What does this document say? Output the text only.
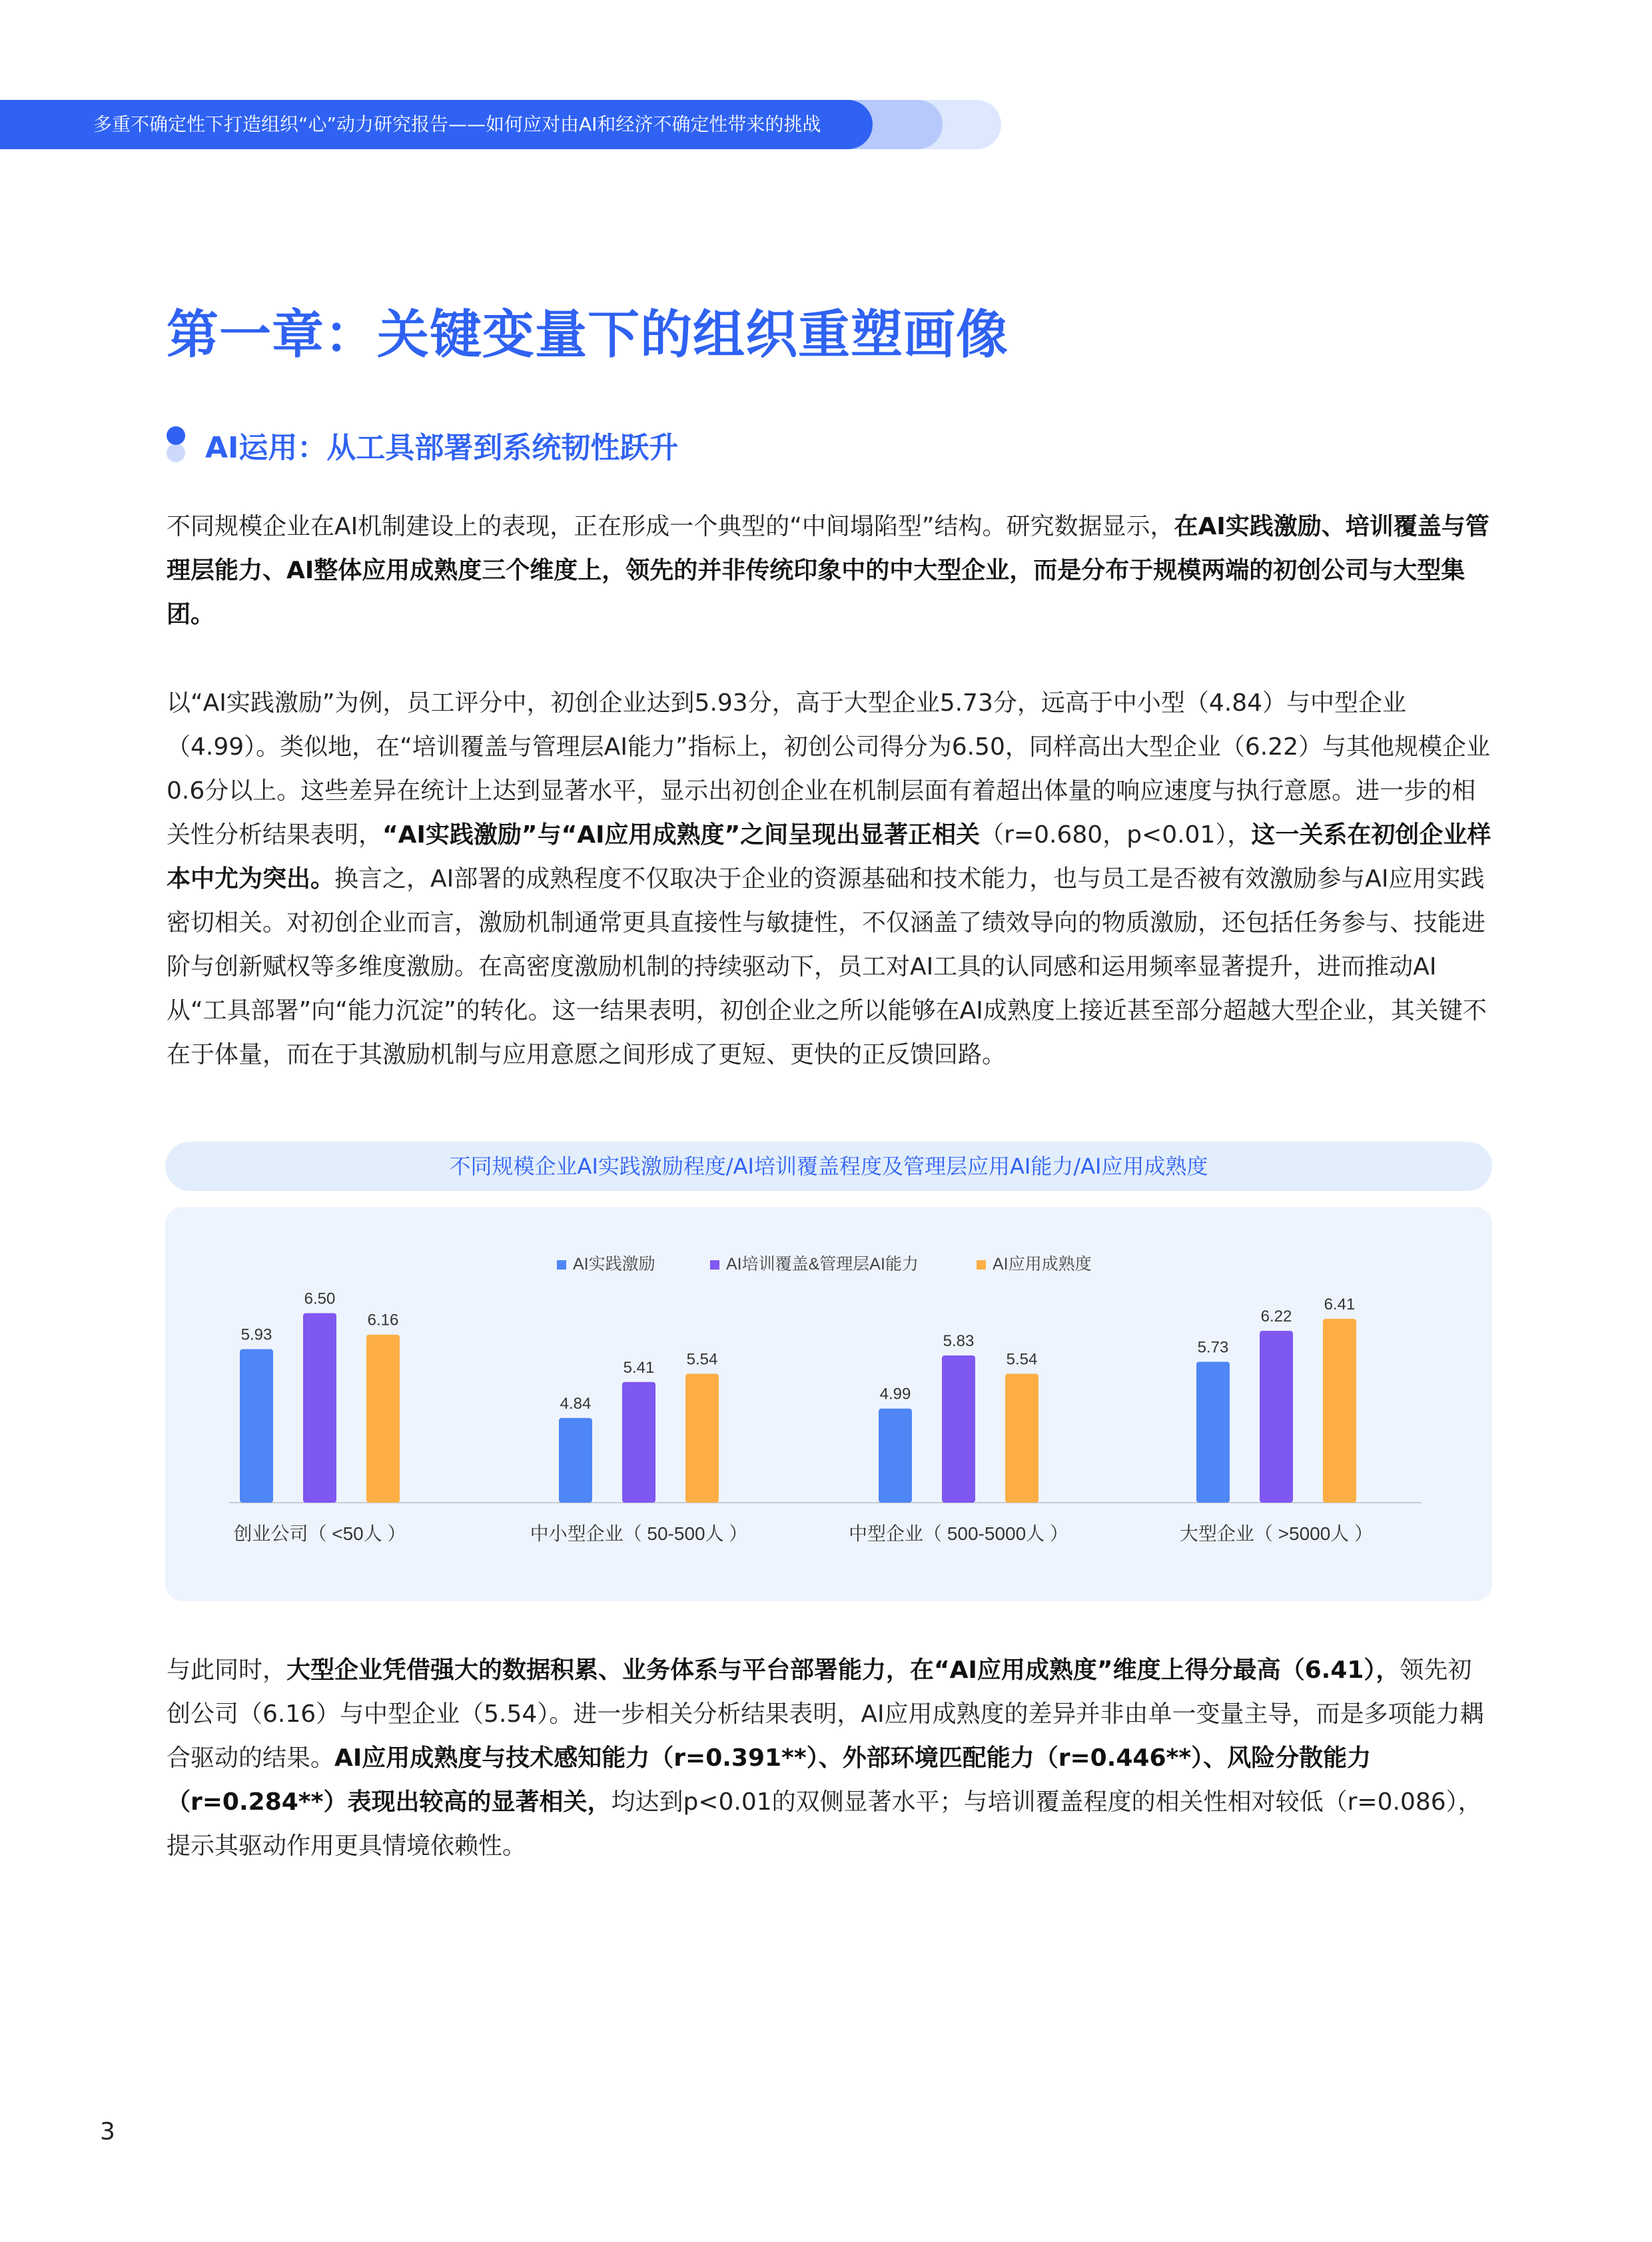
多重不确定性下打造组织“心”动力研究报告——如何应对由AI和经济不确定性带来的挑战
第一章：关键变量下的组织重塑画像
AI运用：从工具部署到系统韧性跃升
不同规模企业在AI机制建设上的表现，正在形成一个典型的“中间塌陷型”结构。研究数据显示，在AI实践激励、培训覆盖与管理层能力、AI整体应用成熟度三个维度上，领先的并非传统印象中的中大型企业，而是分布于规模两端的初创公司与大型集团。
以“AI实践激励”为例，员工评分中，初创企业达到5.93分，高于大型企业5.73分，远高于中小型（4.84）与中型企业（4.99）。类似地，在“培训覆盖与管理层AI能力”指标上，初创公司得分为6.50，同样高出大型企业（6.22）与其他规模企业0.6分以上。这些差异在统计上达到显著水平，显示出初创企业在机制层面有着超出体量的响应速度与执行意愿。进一步的相关性分析结果表明，“AI实践激励”与“AI应用成熟度”之间呈现出显著正相关（r=0.680，p<0.01），这一关系在初创企业样本中尤为突出。换言之，AI部署的成熟程度不仅取决于企业的资源基础和技术能力，也与员工是否被有效激励参与AI应用实践密切相关。对初创企业而言，激励机制通常更具直接性与敏捷性，不仅涵盖了绩效导向的物质激励，还包括任务参与、技能进阶与创新赋权等多维度激励。在高密度激励机制的持续驱动下，员工对AI工具的认同感和运用频率显著提升，进而推动AI从“工具部署”向“能力沉淀”的转化。这一结果表明，初创企业之所以能够在AI成熟度上接近甚至部分超越大型企业，其关键不在于体量，而在于其激励机制与应用意愿之间形成了更短、更快的正反馈回路。
不同规模企业AI实践激励程度/AI培训覆盖程度及管理层应用AI能力/AI应用成熟度
AI实践激励	AI培训覆盖&管理层AI能力	AI应用成熟度
5.93
6.50
6.16
创业公司（ <50人 ）
4.84
5.41 5.54
中小型企业（ 50-500人 ）
4.99
5.83
5.54
中型企业（ 500-5000人 ）
5.73
6.22
6.41
大型企业（ >5000人 ）
与此同时，大型企业凭借强大的数据积累、业务体系与平台部署能力，在“AI应用成熟度”维度上得分最高（6.41），领先初创公司（6.16）与中型企业（5.54）。进一步相关分析结果表明，AI应用成熟度的差异并非由单一变量主导，而是多项能力耦合驱动的结果。AI应用成熟度与技术感知能力（r=0.391**）、外部环境匹配能力（r=0.446**）、风险分散能力（r=0.284**）表现出较高的显著相关，均达到p<0.01的双侧显著水平；与培训覆盖程度的相关性相对较低（r=0.086），提示其驱动作用更具情境依赖性。
3
